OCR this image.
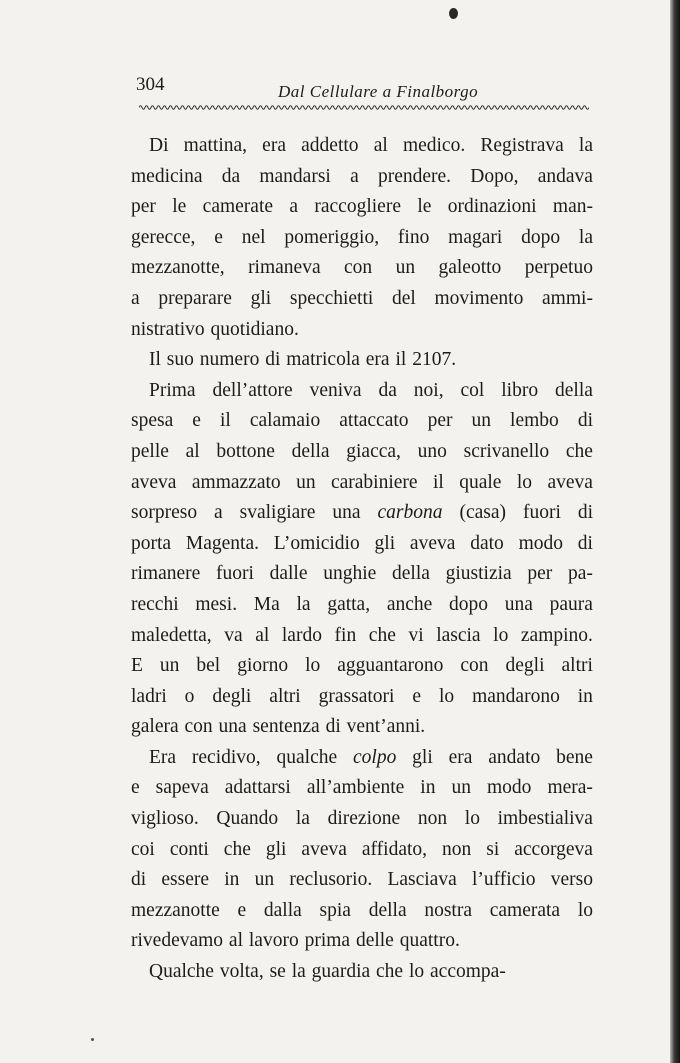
304	Dal Cellulare a Finalborgo
Di mattina, era addetto al medico. Registrava la
medicina da mandarsi a prendere. Dopo, andava
per le camerate a raccogliere le ordinazioni man-
gerecce, e nel pomeriggio, fino magari dopo la
mezzanotte, rimaneva con un galeotto perpetuo
a preparare gli specchietti del movimento ammi-
nistrativo quotidiano.
Il suo numero di matricola era il 2107.
Prima dell’attore veniva da noi, col libro della
spesa e il calamaio attaccato per un lembo di
pelle al bottone della giacca, uno scrivanello che
aveva ammazzato un carabiniere il quale lo aveva
sorpreso a svaligiare una carbona (casa) fuori di
porta Magenta. L’omicidio gli aveva dato modo di
rimanere fuori dalle unghie della giustizia per pa-
recchi mesi. Ma la gatta, anche dopo una paura
maledetta, va al lardo fin che vi lascia lo zampino.
E un bel giorno lo agguantarono con degli altri
ladri o degli altri grassatori e lo mandarono in
galera con una sentenza di vent’anni.
Era recidivo, qualche colpo gli era andato bene
e sapeva adattarsi all’ambiente in un modo mera-
viglioso. Quando la direzione non lo imbestialiva
coi conti che gli aveva affidato, non si accorgeva
di essere in un reclusorio. Lasciava l’ufficio verso
mezzanotte e dalla spia della nostra camerata lo
rivedevamo al lavoro prima delle quattro.
Qualche volta, se la guardia che lo accompa-
